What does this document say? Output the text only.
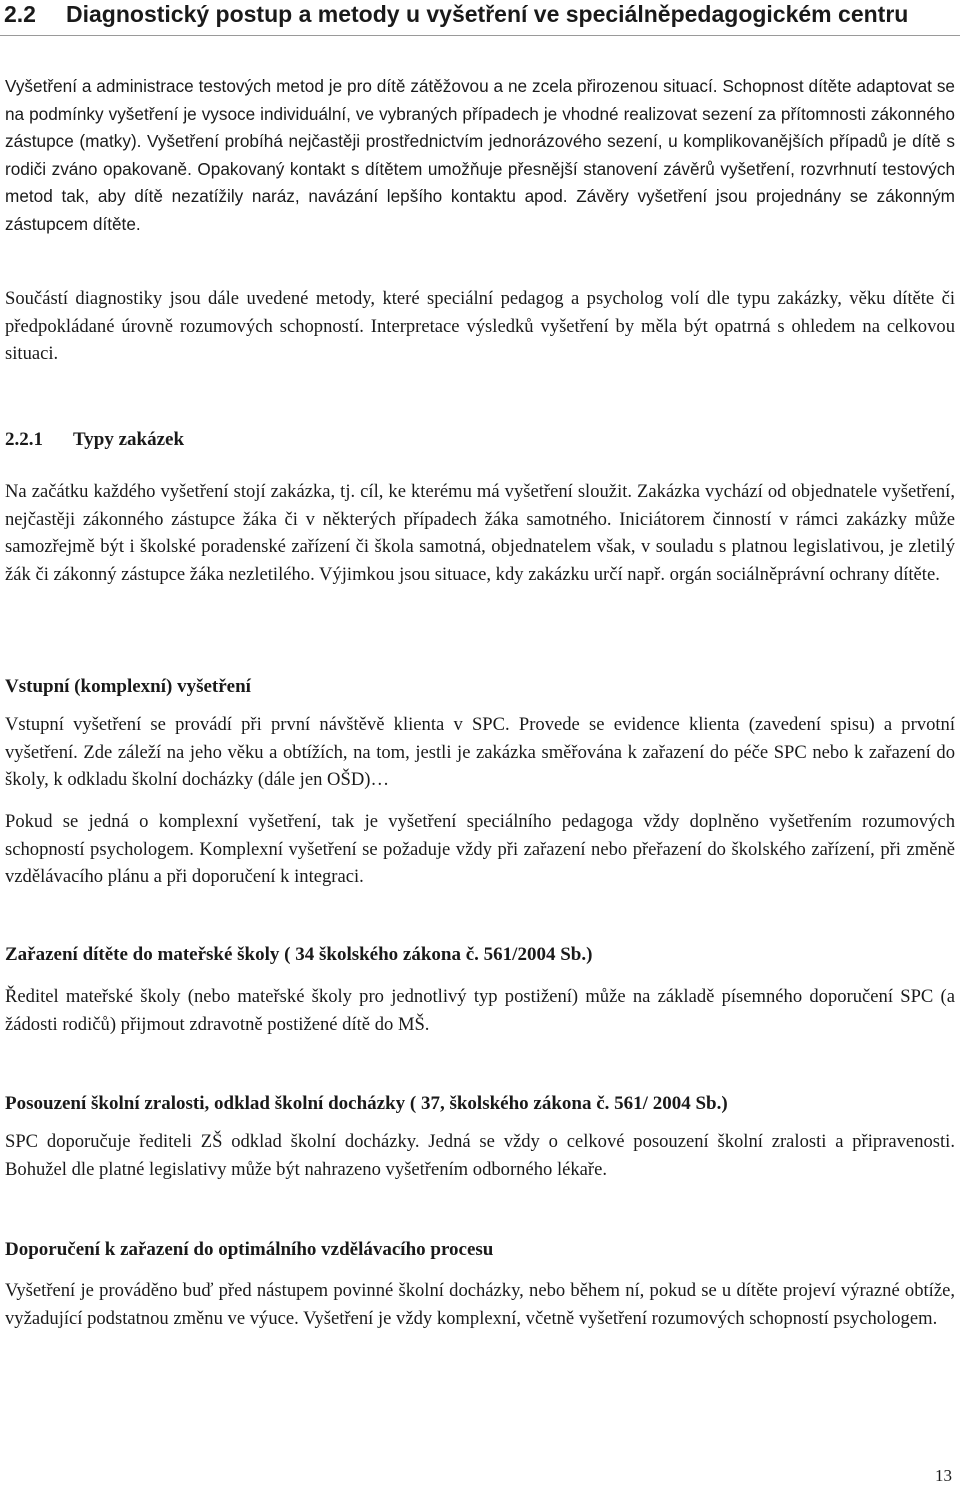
2.2	Diagnostický postup a metody u vyšetření ve speciálněpedagogickém centru

Vyšetření a administrace testových metod je pro dítě zátěžovou a ne zcela přirozenou situací. Schopnost dítěte adaptovat se na podmínky vyšetření je vysoce individuální, ve vybraných případech je vhodné realizovat sezení za přítomnosti zákonného zástupce (matky). Vyšetření probíhá nejčastěji prostřednictvím jednorázového sezení, u komplikovanějších případů je dítě s rodiči zváno opakovaně. Opakovaný kontakt s dítětem umožňuje přesnější stanovení závěrů vyšetření, rozvrhnutí testových metod tak, aby dítě nezatížily naráz, navázání lepšího kontaktu apod. Závěry vyšetření jsou projednány se zákonným zástupcem dítěte.

Součástí diagnostiky jsou dále uvedené metody, které speciální pedagog a psycholog volí dle typu zakázky, věku dítěte či předpokládané úrovně rozumových schopností. Interpretace výsledků vyšetření by měla být opatrná s ohledem na celkovou situaci.

2.2.1 Typy zakázek

Na začátku každého vyšetření stojí zakázka, tj. cíl, ke kterému má vyšetření sloužit. Zakázka vychází od objednatele vyšetření, nejčastěji zákonného zástupce žáka či v některých případech žáka samotného. Iniciátorem činností v rámci zakázky může samozřejmě být i školské poradenské zařízení či škola samotná, objednatelem však, v souladu s platnou legislativou, je zletilý žák či zákonný zástupce žáka nezletilého. Výjimkou jsou situace, kdy zakázku určí např. orgán sociálněprávní ochrany dítěte.

Vstupní (komplexní) vyšetření

Vstupní vyšetření se provádí při první návštěvě klienta v SPC. Provede se evidence klienta (zavedení spisu) a prvotní vyšetření. Zde záleží na jeho věku a obtížích, na tom, jestli je zakázka směřována k zařazení do péče SPC nebo k zařazení do školy, k odkladu školní docházky (dále jen OŠD)…

Pokud se jedná o komplexní vyšetření, tak je vyšetření speciálního pedagoga vždy doplněno vyšetřením rozumových schopností psychologem. Komplexní vyšetření se požaduje vždy při zařazení nebo přeřazení do školského zařízení, při změně vzdělávacího plánu a při doporučení k integraci.

Zařazení dítěte do mateřské školy ( 34 školského zákona č. 561/2004 Sb.)

Ředitel mateřské školy (nebo mateřské školy pro jednotlivý typ postižení) může na základě písemného doporučení SPC (a žádosti rodičů) přijmout zdravotně postižené dítě do MŠ.

Posouzení školní zralosti, odklad školní docházky ( 37, školského zákona č. 561/ 2004 Sb.)

SPC doporučuje řediteli ZŠ odklad školní docházky. Jedná se vždy o celkové posouzení školní zralosti a připravenosti. Bohužel dle platné legislativy může být nahrazeno vyšetřením odborného lékaře.

Doporučení k zařazení do optimálního vzdělávacího procesu

Vyšetření je prováděno buď před nástupem povinné školní docházky, nebo během ní, pokud se u dítěte projeví výrazné obtíže, vyžadující podstatnou změnu ve výuce. Vyšetření je vždy komplexní, včetně vyšetření rozumových schopností psychologem.

13
